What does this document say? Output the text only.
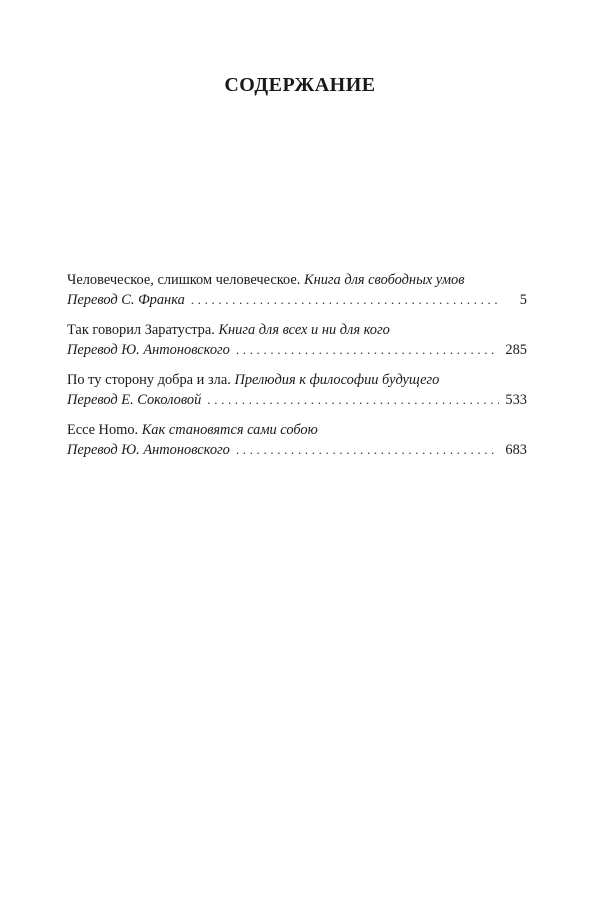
СОДЕРЖАНИЕ
Человеческое, слишком человеческое. Книга для свободных умов
Перевод С. Франка . . .	5
Так говорил Заратустра. Книга для всех и ни для кого
Перевод Ю. Антоновского . . .	285
По ту сторону добра и зла. Прелюдия к философии будущего
Перевод Е. Соколовой . . .	533
Ecce Homo. Как становятся сами собою
Перевод Ю. Антоновского . . .	683
